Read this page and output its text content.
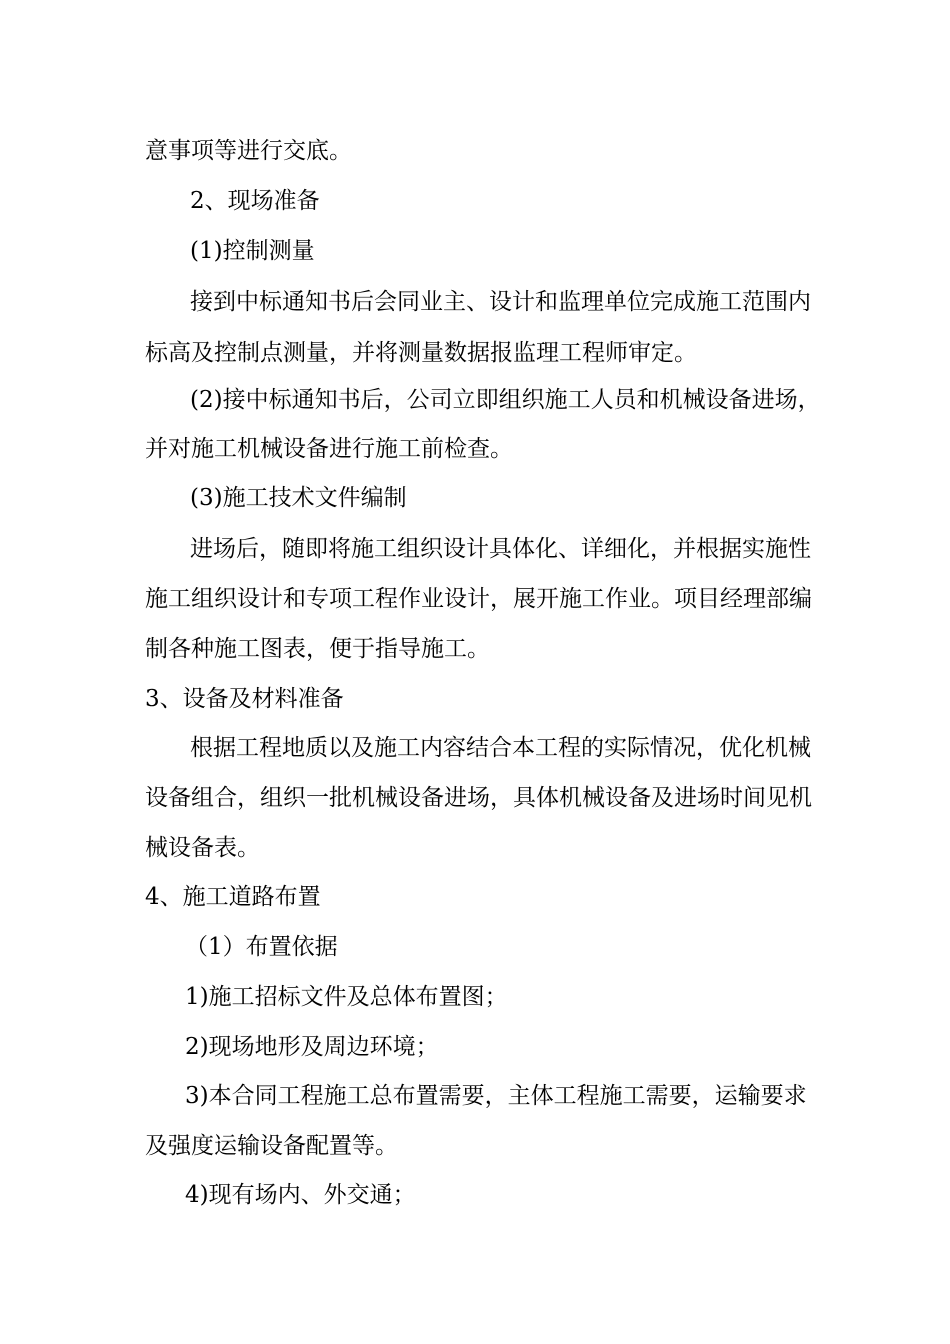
意事项等进行交底。
2、现场准备
(1)控制测量
接到中标通知书后会同业主、设计和监理单位完成施工范围内
标高及控制点测量，并将测量数据报监理工程师审定。
(2)接中标通知书后，公司立即组织施工人员和机械设备进场，
并对施工机械设备进行施工前检查。
(3)施工技术文件编制
进场后，随即将施工组织设计具体化、详细化，并根据实施性
施工组织设计和专项工程作业设计，展开施工作业。项目经理部编
制各种施工图表，便于指导施工。
3、设备及材料准备
根据工程地质以及施工内容结合本工程的实际情况，优化机械
设备组合，组织一批机械设备进场，具体机械设备及进场时间见机
械设备表。
4、施工道路布置
（1）布置依据
1)施工招标文件及总体布置图；
2)现场地形及周边环境；
3)本合同工程施工总布置需要，主体工程施工需要，运输要求
及强度运输设备配置等。
4)现有场内、外交通；
